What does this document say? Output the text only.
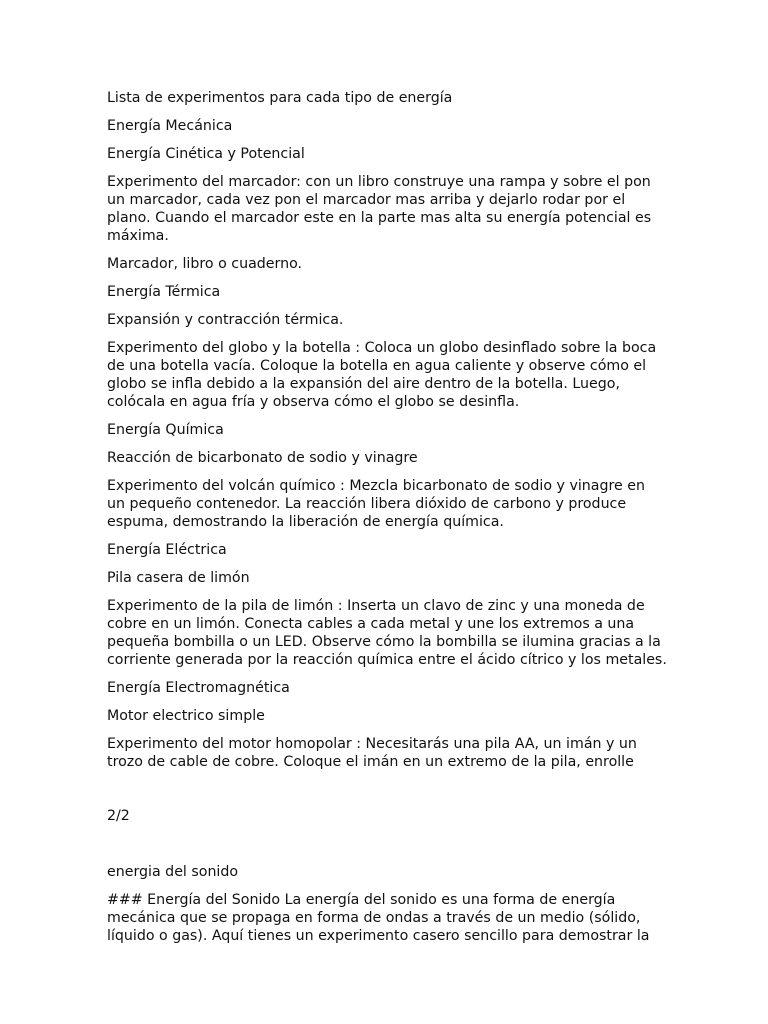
Lista de experimentos para cada tipo de energía

Energía Mecánica

Energía Cinética y Potencial

Experimento del marcador: con un libro construye una rampa y sobre el pon un marcador, cada vez pon el marcador mas arriba y dejarlo rodar por el plano. Cuando el marcador este en la parte mas alta su energía potencial es máxima.

Marcador, libro o cuaderno.

Energía Térmica

Expansión y contracción térmica.

Experimento del globo y la botella : Coloca un globo desinflado sobre la boca de una botella vacía. Coloque la botella en agua caliente y observe cómo el globo se infla debido a la expansión del aire dentro de la botella. Luego, colócala en agua fría y observa cómo el globo se desinfla.

Energía Química

Reacción de bicarbonato de sodio y vinagre

Experimento del volcán químico : Mezcla bicarbonato de sodio y vinagre en un pequeño contenedor. La reacción libera dióxido de carbono y produce espuma, demostrando la liberación de energía química.

Energía Eléctrica

Pila casera de limón

Experimento de la pila de limón : Inserta un clavo de zinc y una moneda de cobre en un limón. Conecta cables a cada metal y une los extremos a una pequeña bombilla o un LED. Observe cómo la bombilla se ilumina gracias a la corriente generada por la reacción química entre el ácido cítrico y los metales.

Energía Electromagnética

Motor electrico simple

Experimento del motor homopolar : Necesitarás una pila AA, un imán y un trozo de cable de cobre. Coloque el imán en un extremo de la pila, enrolle

2/2

energia del sonido

### Energía del Sonido La energía del sonido es una forma de energía mecánica que se propaga en forma de ondas a través de un medio (sólido, líquido o gas). Aquí tienes un experimento casero sencillo para demostrar la
